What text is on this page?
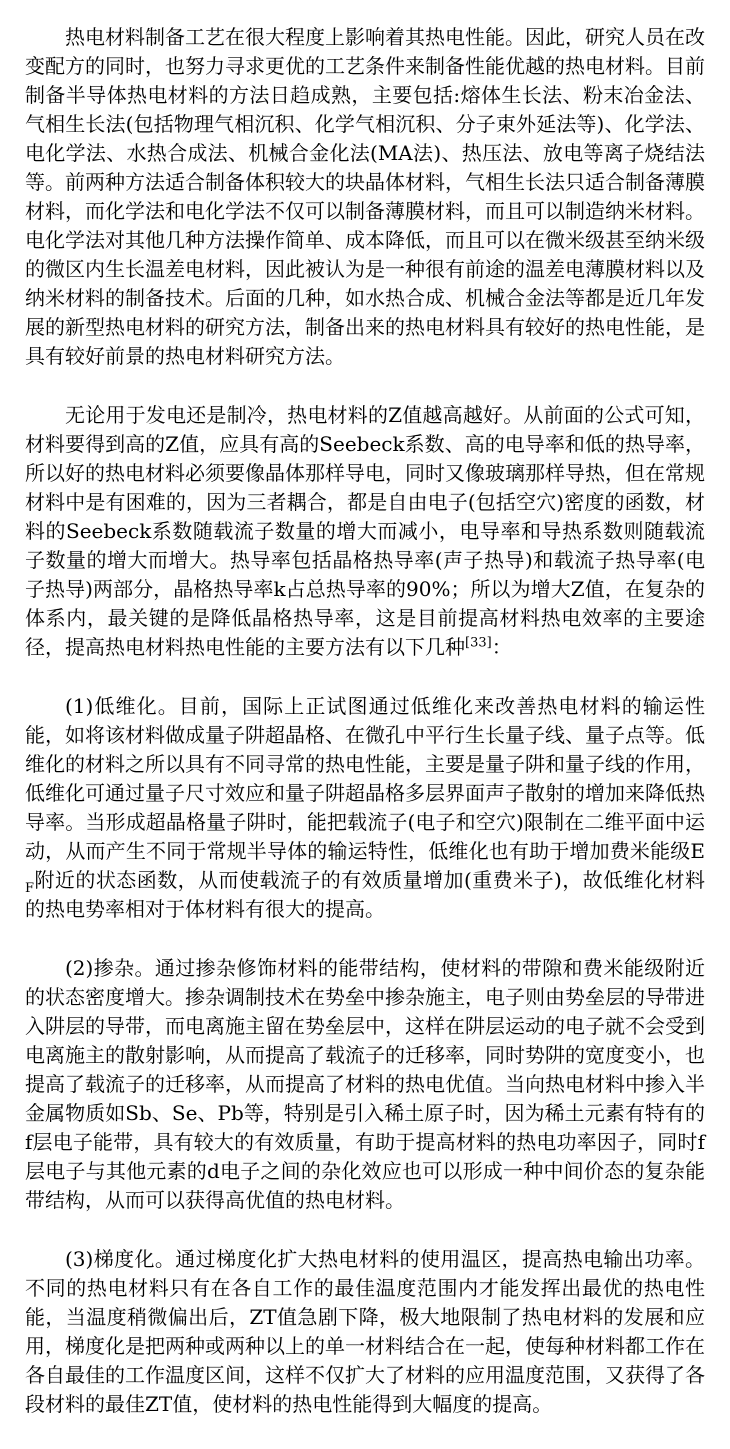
热电材料制备工艺在很大程度上影响着其热电性能。因此，研究人员在改变配方的同时，也努力寻求更优的工艺条件来制备性能优越的热电材料。目前制备半导体热电材料的方法日趋成熟，主要包括:熔体生长法、粉末冶金法、气相生长法(包括物理气相沉积、化学气相沉积、分子束外延法等)、化学法、电化学法、水热合成法、机械合金化法(MA法)、热压法、放电等离子烧结法等。前两种方法适合制备体积较大的块晶体材料，气相生长法只适合制备薄膜材料，而化学法和电化学法不仅可以制备薄膜材料，而且可以制造纳米材料。电化学法对其他几种方法操作简单、成本降低，而且可以在微米级甚至纳米级的微区内生长温差电材料，因此被认为是一种很有前途的温差电薄膜材料以及纳米材料的制备技术。后面的几种，如水热合成、机械合金法等都是近几年发展的新型热电材料的研究方法，制备出来的热电材料具有较好的热电性能，是具有较好前景的热电材料研究方法。

无论用于发电还是制冷，热电材料的Z值越高越好。从前面的公式可知，材料要得到高的Z值，应具有高的Seebeck系数、高的电导率和低的热导率，所以好的热电材料必须要像晶体那样导电，同时又像玻璃那样导热，但在常规材料中是有困难的，因为三者耦合，都是自由电子(包括空穴)密度的函数，材料的Seebeck系数随载流子数量的增大而减小，电导率和导热系数则随载流子数量的增大而增大。热导率包括晶格热导率(声子热导)和载流子热导率(电子热导)两部分，晶格热导率k占总热导率的90%；所以为增大Z值，在复杂的体系内，最关键的是降低晶格热导率，这是目前提高材料热电效率的主要途径，提高热电材料热电性能的主要方法有以下几种[33]：

(1)低维化。目前，国际上正试图通过低维化来改善热电材料的输运性能，如将该材料做成量子阱超晶格、在微孔中平行生长量子线、量子点等。低维化的材料之所以具有不同寻常的热电性能，主要是量子阱和量子线的作用，低维化可通过量子尺寸效应和量子阱超晶格多层界面声子散射的增加来降低热导率。当形成超晶格量子阱时，能把载流子(电子和空穴)限制在二维平面中运动，从而产生不同于常规半导体的输运特性，低维化也有助于增加费米能级$E_F$附近的状态函数，从而使载流子的有效质量增加(重费米子)，故低维化材料的热电势率相对于体材料有很大的提高。

(2)掺杂。通过掺杂修饰材料的能带结构，使材料的带隙和费米能级附近的状态密度增大。掺杂调制技术在势垒中掺杂施主，电子则由势垒层的导带进入阱层的导带，而电离施主留在势垒层中，这样在阱层运动的电子就不会受到电离施主的散射影响，从而提高了载流子的迁移率，同时势阱的宽度变小，也提高了载流子的迁移率，从而提高了材料的热电优值。当向热电材料中掺入半金属物质如Sb、Se、Pb等，特别是引入稀土原子时，因为稀土元素有特有的f层电子能带，具有较大的有效质量，有助于提高材料的热电功率因子，同时f层电子与其他元素的d电子之间的杂化效应也可以形成一种中间价态的复杂能带结构，从而可以获得高优值的热电材料。

(3)梯度化。通过梯度化扩大热电材料的使用温区，提高热电输出功率。不同的热电材料只有在各自工作的最佳温度范围内才能发挥出最优的热电性能，当温度稍微偏出后，ZT值急剧下降，极大地限制了热电材料的发展和应用，梯度化是把两种或两种以上的单一材料结合在一起，使每种材料都工作在各自最佳的工作温度区间，这样不仅扩大了材料的应用温度范围，又获得了各段材料的最佳ZT值，使材料的热电性能得到大幅度的提高。
